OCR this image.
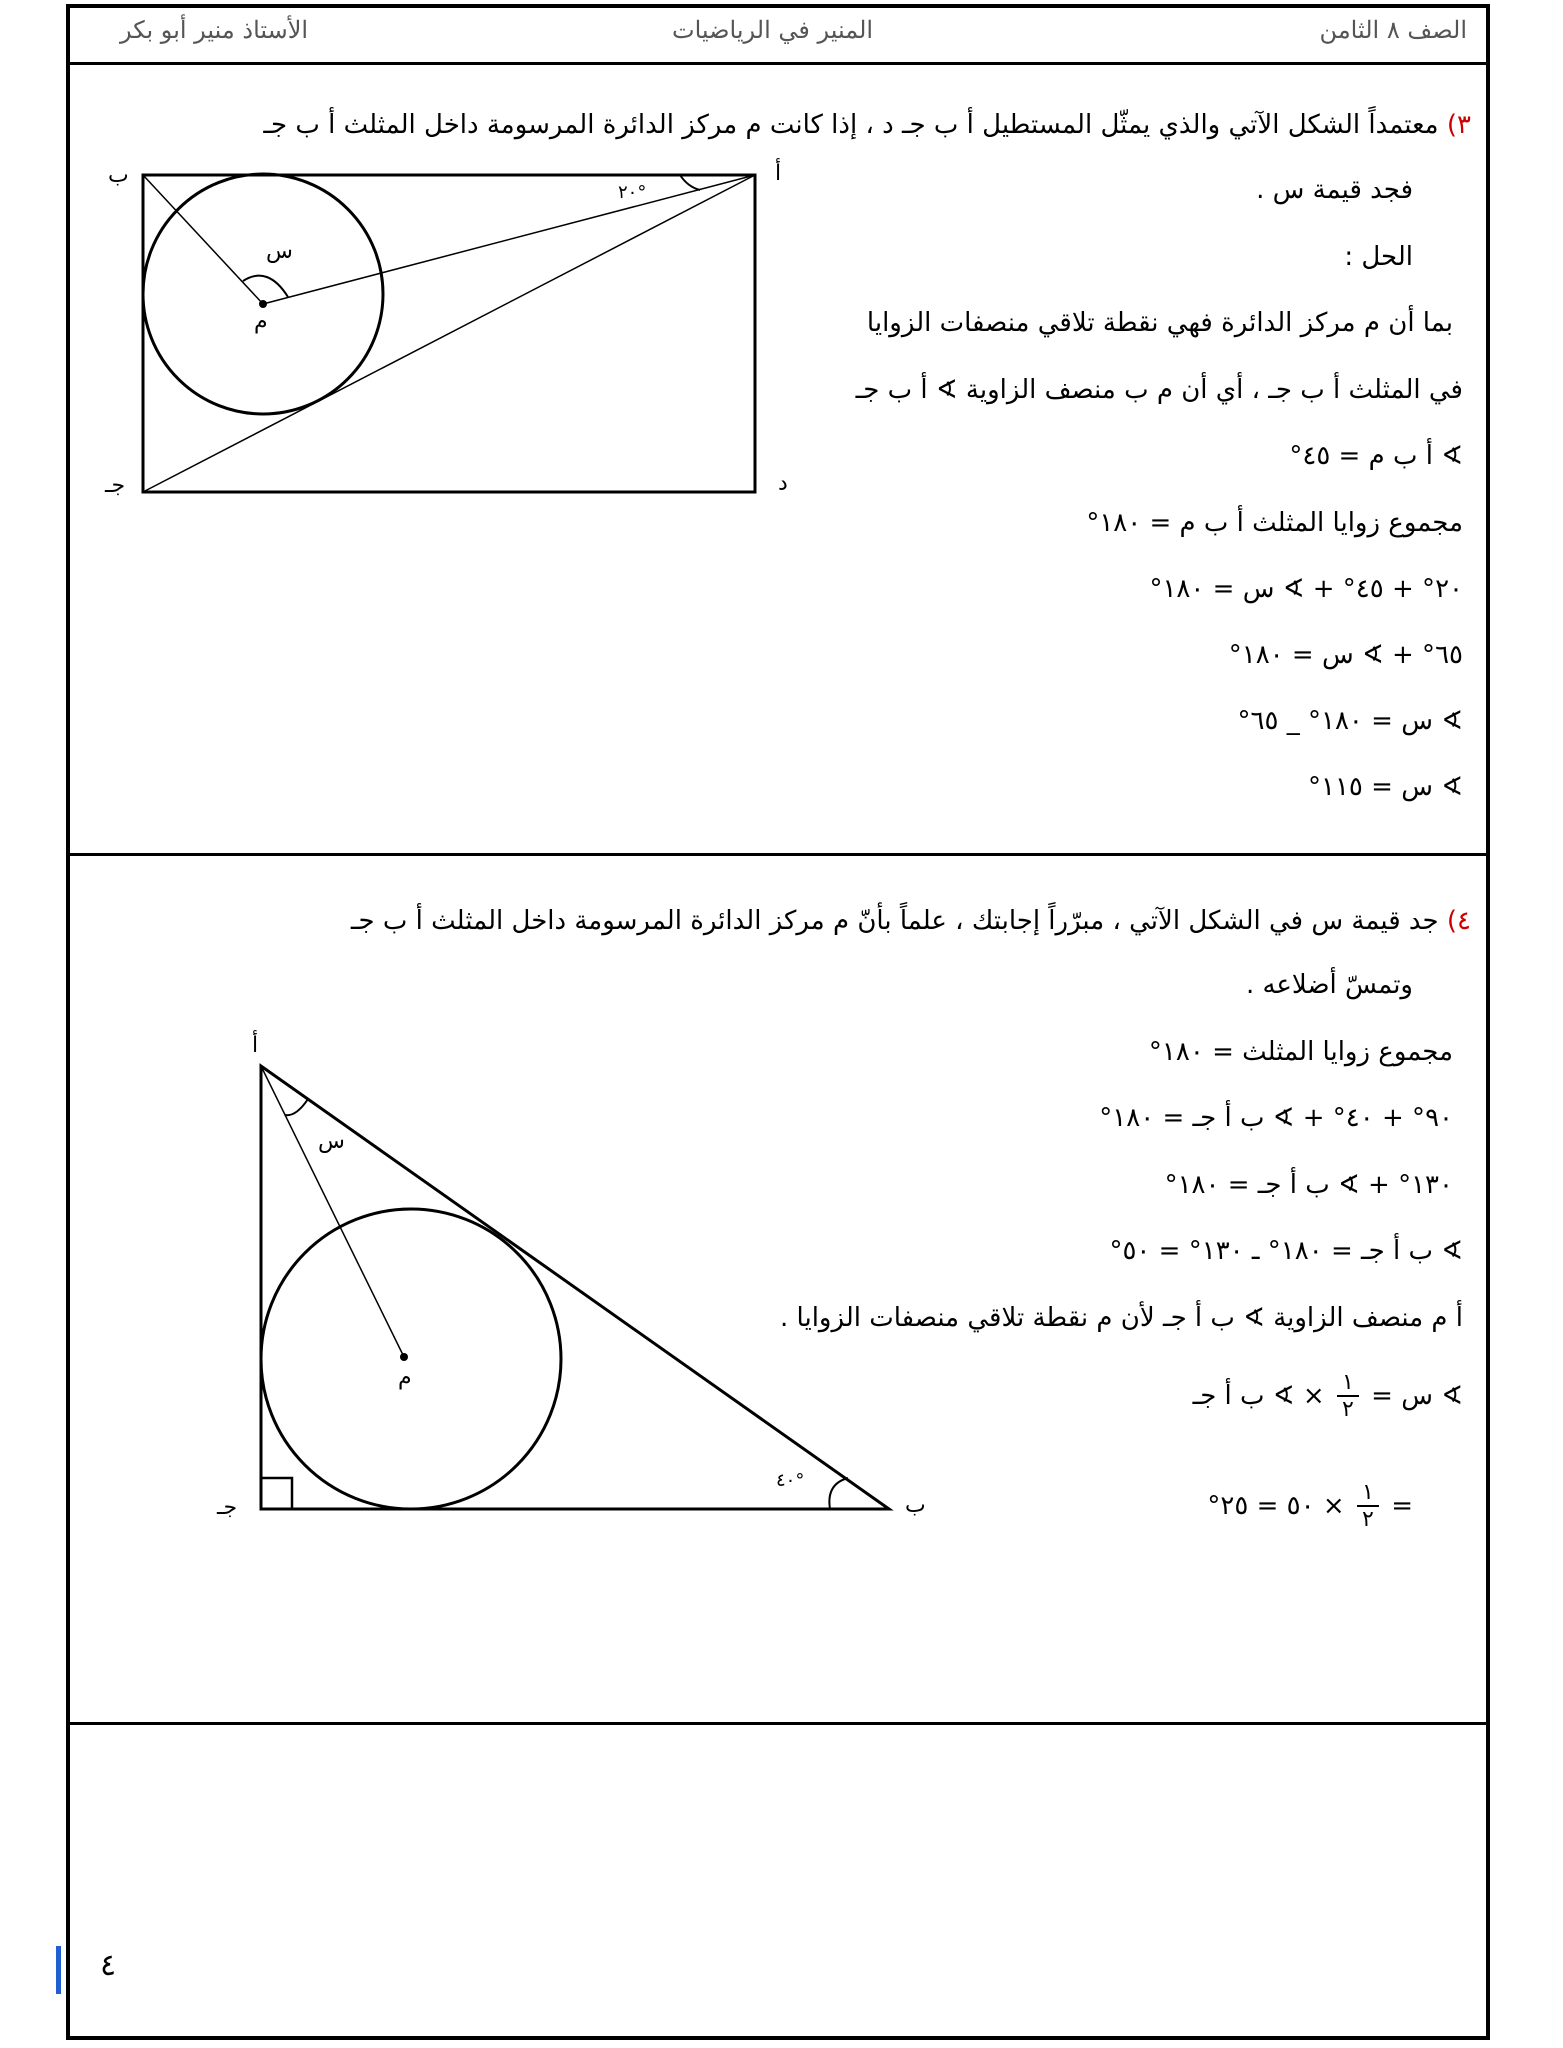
الصف ٨ الثامن
المنير في الرياضيات
الأستاذ منير أبو بكر
٣) معتمداً الشكل الآتي والذي يمثّل المستطيل أ ب جـ د ، إذا كانت م مركز الدائرة المرسومة داخل المثلث أ ب جـ
فجد قيمة س .
الحل :
بما أن م مركز الدائرة فهي نقطة تلاقي منصفات الزوايا
في المثلث أ ب جـ ، أي أن م ب منصف الزاوية ∢ أ ب جـ
∢ أ ب م = ٤٥°
مجموع زوايا المثلث أ ب م = ١٨٠°
٢٠° + ٤٥° + ∢ س = ١٨٠°
٦٥° + ∢ س = ١٨٠°
∢ س = ١٨٠° _ ٦٥°
∢ س = ١١٥°
أ
ب
جـ	د
م
س
٢٠°
٤) جد قيمة س في الشكل الآتي ، مبرّراً إجابتك ، علماً بأنّ م مركز الدائرة المرسومة داخل المثلث أ ب جـ
وتمسّ أضلاعه .
مجموع زوايا المثلث = ١٨٠°
٩٠° + ٤٠° + ∢ ب أ جـ = ١٨٠°
١٣٠° + ∢ ب أ جـ = ١٨٠°
∢ ب أ جـ = ١٨٠° ـ ١٣٠° = ٥٠°
أ م منصف الزاوية ∢ ب أ جـ لأن م نقطة تلاقي منصفات الزوايا .
∢ س =
$\frac{١}{٢}$
× ∢ ب أ جـ
=
$\frac{١}{٢}$
× ٥٠ = ٢٥°
أ
ب
جـ
م
س
٤٠°
٤
